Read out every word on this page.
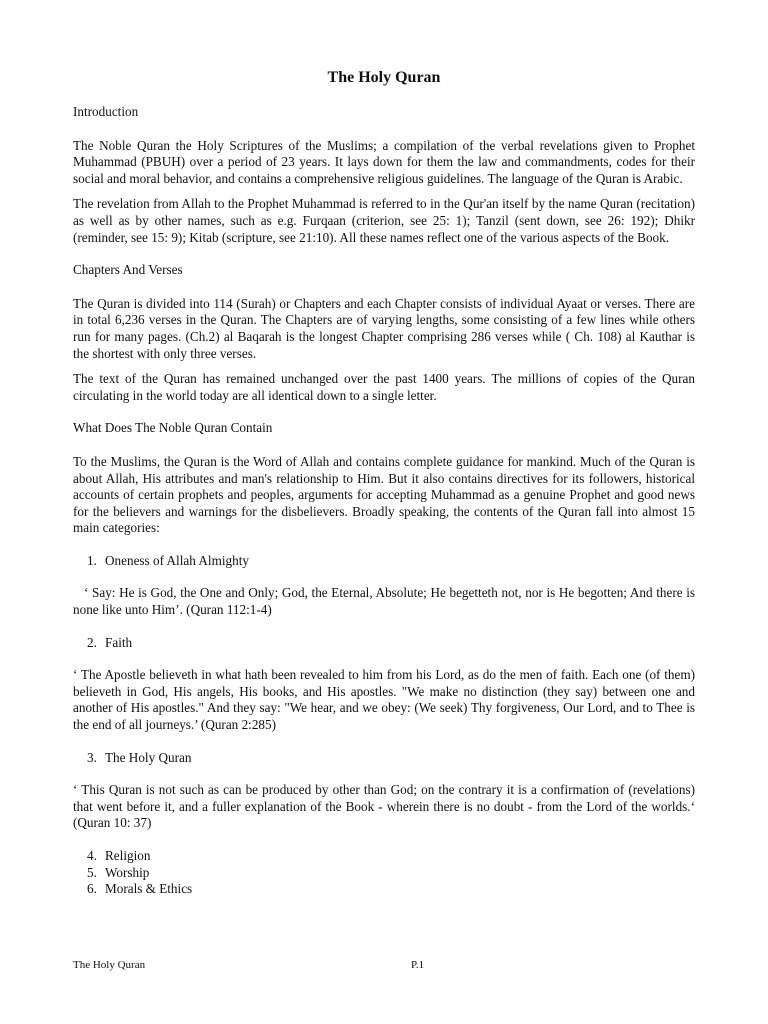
The Holy Quran
Introduction
The Noble Quran the Holy Scriptures of the Muslims; a compilation of the verbal revelations given to Prophet Muhammad (PBUH) over a period of 23 years. It lays down for them the law and commandments, codes for their social and moral behavior, and contains a comprehensive religious guidelines. The language of the Quran is Arabic.
The revelation from Allah to the Prophet Muhammad is referred to in the Qur'an itself by the name Quran (recitation) as well as by other names, such as e.g. Furqaan (criterion, see 25: 1); Tanzil (sent down, see 26: 192); Dhikr (reminder, see 15: 9); Kitab (scripture, see 21:10). All these names reflect one of the various aspects of the Book.
Chapters And Verses
The Quran is divided into 114 (Surah) or Chapters and each Chapter consists of individual Ayaat or verses. There are in total 6,236 verses in the Quran. The Chapters are of varying lengths, some consisting of a few lines while others run for many pages. (Ch.2) al Baqarah is the longest Chapter comprising 286 verses while ( Ch. 108) al Kauthar is the shortest with only three verses.
The text of the Quran has remained unchanged over the past 1400 years. The millions of copies of the Quran circulating in the world today are all identical down to a single letter.
What Does The Noble Quran Contain
To the Muslims, the Quran is the Word of Allah and contains complete guidance for mankind. Much of the Quran is about Allah, His attributes and man's relationship to Him. But it also contains directives for its followers, historical accounts of certain prophets and peoples, arguments for accepting Muhammad as a genuine Prophet and good news for the believers and warnings for the disbelievers. Broadly speaking, the contents of the Quran fall into almost 15 main categories:
1. Oneness of Allah Almighty
‘ Say: He is God, the One and Only; God, the Eternal, Absolute; He begetteth not, nor is He begotten; And there is none like unto Him’. (Quran 112:1-4)
2. Faith
‘ The Apostle believeth in what hath been revealed to him from his Lord, as do the men of faith. Each one (of them) believeth in God, His angels, His books, and His apostles. "We make no distinction (they say) between one and another of His apostles." And they say: "We hear, and we obey: (We seek) Thy forgiveness, Our Lord, and to Thee is the end of all journeys.’ (Quran 2:285)
3. The Holy Quran
‘ This Quran is not such as can be produced by other than God; on the contrary it is a confirmation of (revelations) that went before it, and a fuller explanation of the Book - wherein there is no doubt - from the Lord of the worlds.‘ (Quran 10: 37)
4. Religion
5. Worship
6. Morals & Ethics
The Holy Quran	P.1
